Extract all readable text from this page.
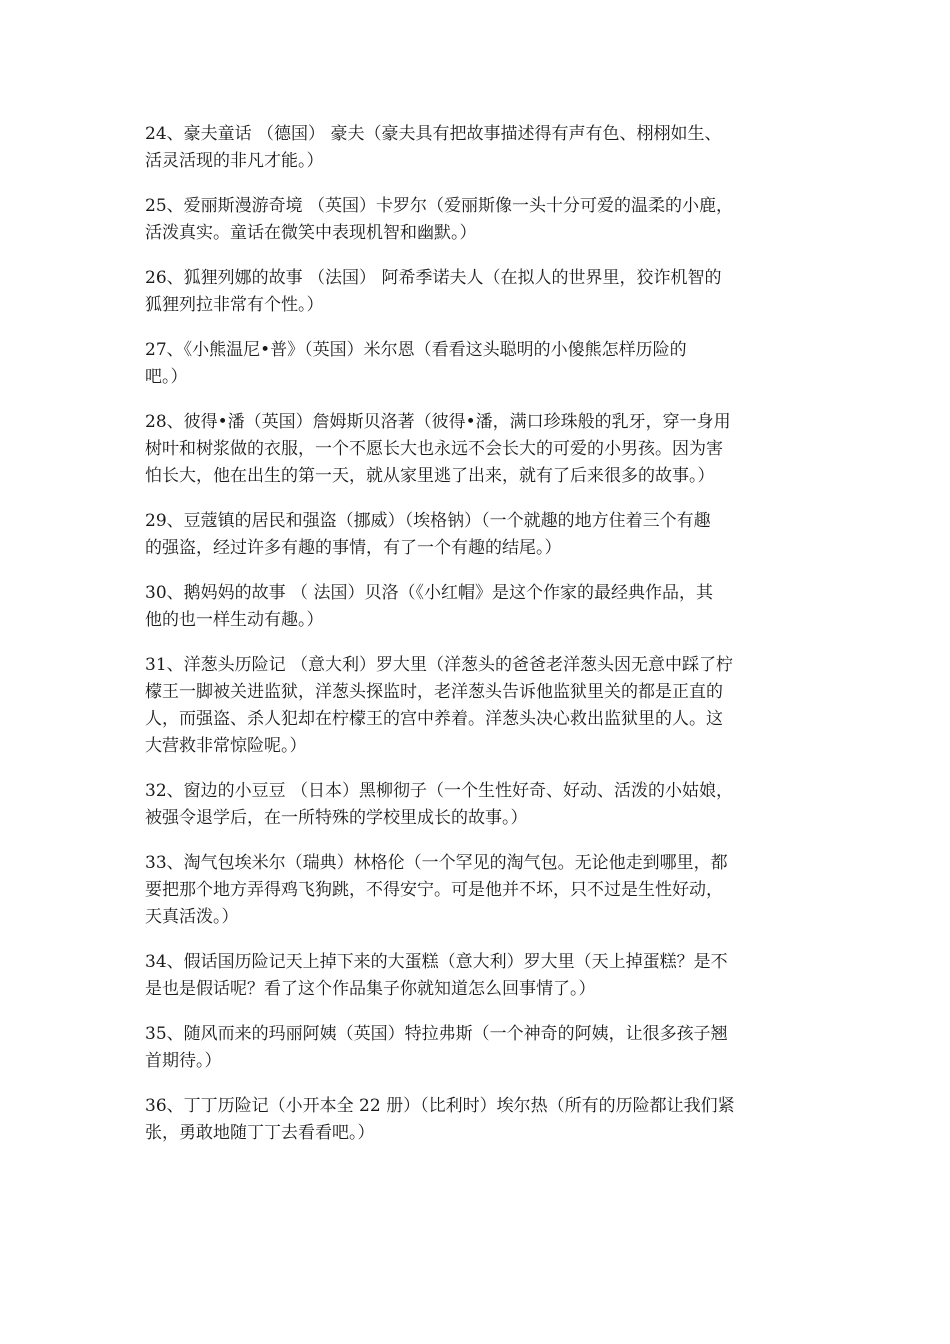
24、豪夫童话 （德国） 豪夫（豪夫具有把故事描述得有声有色、栩栩如生、
活灵活现的非凡才能。）

25、爱丽斯漫游奇境 （英国）卡罗尔（爱丽斯像一头十分可爱的温柔的小鹿，
活泼真实。童话在微笑中表现机智和幽默。）

26、狐狸列娜的故事 （法国） 阿希季诺夫人（在拟人的世界里，狡诈机智的
狐狸列拉非常有个性。）

27、《小熊温尼•普》（英国）米尔恩（看看这头聪明的小傻熊怎样历险的
吧。）

28、彼得•潘（英国）詹姆斯贝洛著（彼得•潘，满口珍珠般的乳牙，穿一身用
树叶和树浆做的衣服，一个不愿长大也永远不会长大的可爱的小男孩。因为害
怕长大，他在出生的第一天，就从家里逃了出来，就有了后来很多的故事。）

29、豆蔻镇的居民和强盗（挪威）（埃格钠）（一个就趣的地方住着三个有趣
的强盗，经过许多有趣的事情，有了一个有趣的结尾。）

30、鹅妈妈的故事 （ 法国）贝洛（《小红帽》是这个作家的最经典作品，其
他的也一样生动有趣。）

31、洋葱头历险记 （意大利）罗大里（洋葱头的爸爸老洋葱头因无意中踩了柠
檬王一脚被关进监狱，洋葱头探监时，老洋葱头告诉他监狱里关的都是正直的
人，而强盗、杀人犯却在柠檬王的宫中养着。洋葱头决心救出监狱里的人。这
大营救非常惊险呢。）

32、窗边的小豆豆 （日本）黑柳彻子（一个生性好奇、好动、活泼的小姑娘，
被强令退学后，在一所特殊的学校里成长的故事。）

33、淘气包埃米尔（瑞典）林格伦（一个罕见的淘气包。无论他走到哪里，都
要把那个地方弄得鸡飞狗跳，不得安宁。可是他并不坏，只不过是生性好动，
天真活泼。）

34、假话国历险记天上掉下来的大蛋糕（意大利）罗大里（天上掉蛋糕？是不
是也是假话呢？看了这个作品集子你就知道怎么回事情了。）

35、随风而来的玛丽阿姨（英国）特拉弗斯（一个神奇的阿姨，让很多孩子翘
首期待。）

36、丁丁历险记（小开本全 22 册）（比利时）埃尔热（所有的历险都让我们紧
张，勇敢地随丁丁去看看吧。）
